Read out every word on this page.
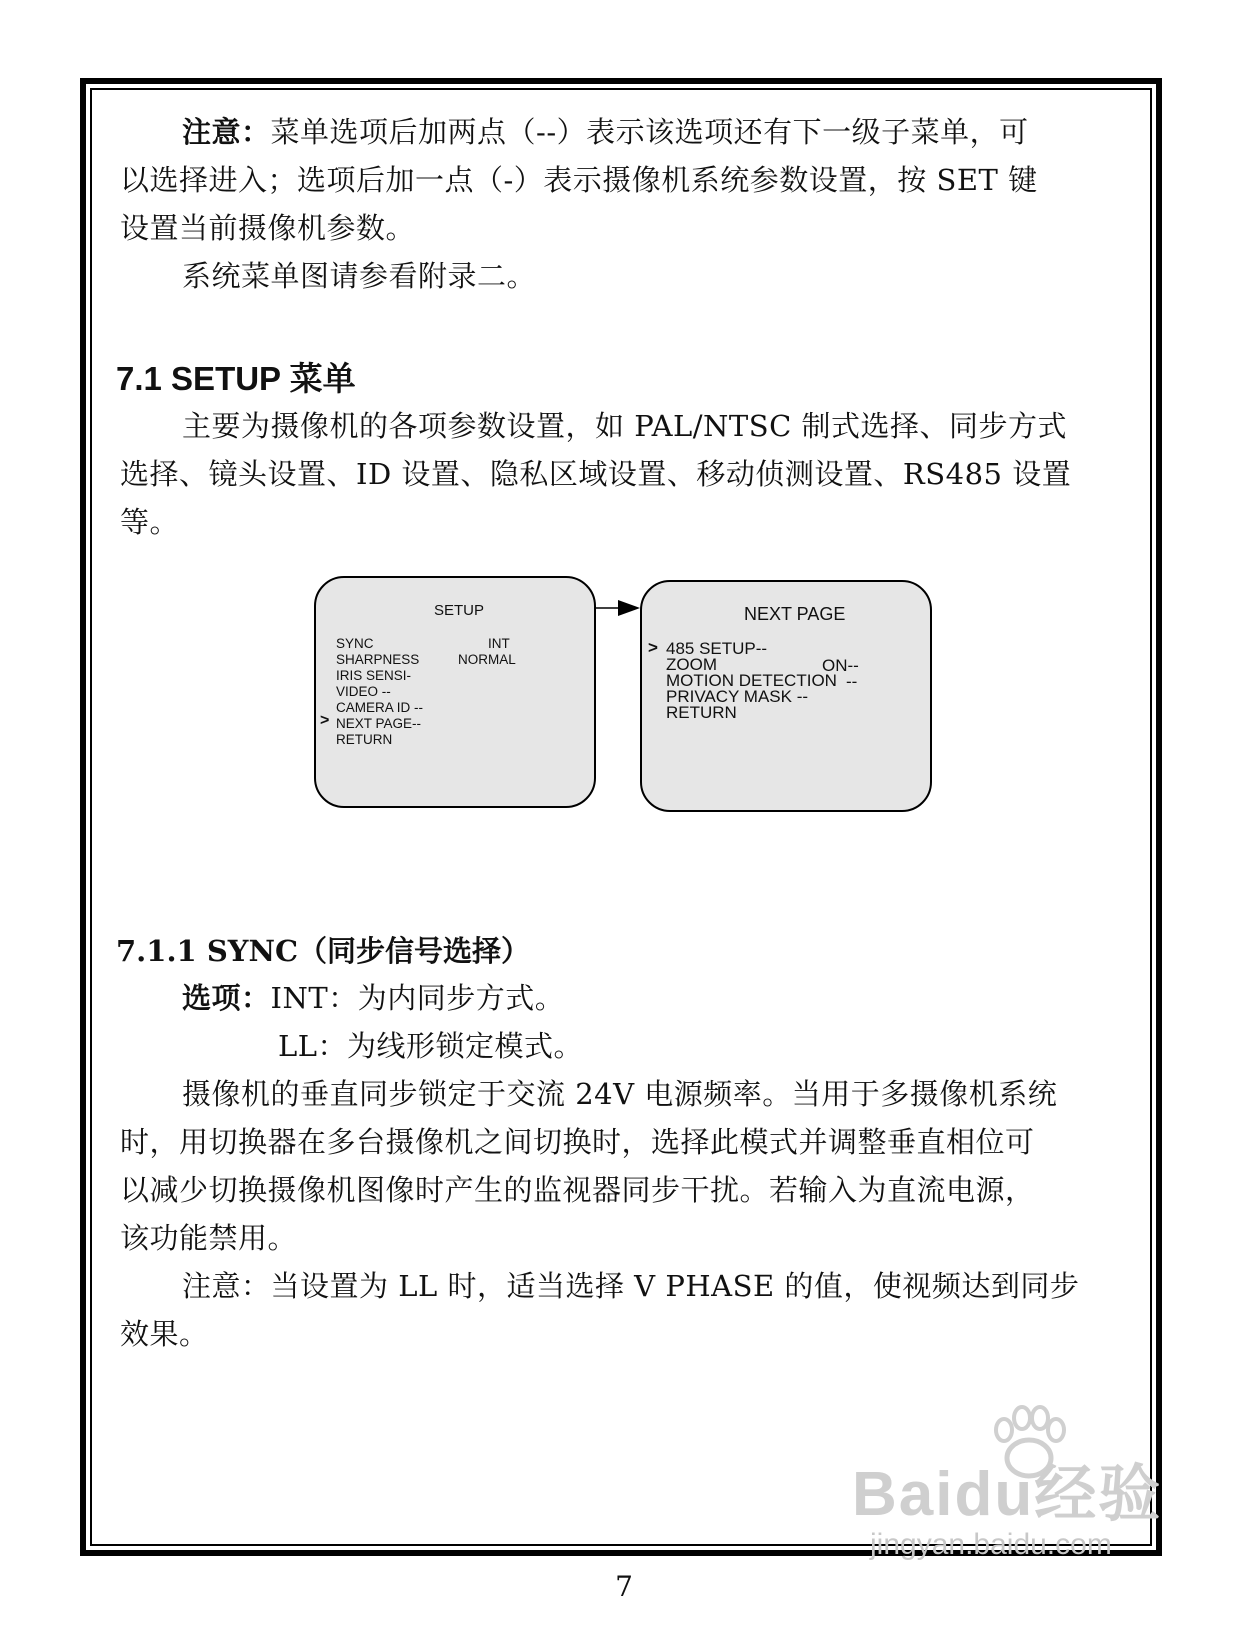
注意：菜单选项后加两点（--）表示该选项还有下一级子菜单，可

以选择进入；选项后加一点（-）表示摄像机系统参数设置，按 SET 键

设置当前摄像机参数。

系统菜单图请参看附录二。

7.1 SETUP 菜单

主要为摄像机的各项参数设置，如 PAL/NTSC 制式选择、同步方式

选择、镜头设置、ID 设置、隐私区域设置、移动侦测设置、RS485 设置

等。

SETUP
SYNC	INT
SHARPNESS	NORMAL
IRIS SENSI-
VIDEO --
CAMERA ID --
> NEXT PAGE--
RETURN
NEXT PAGE
> 485 SETUP--
ZOOM	ON--
MOTION DETECTION --
PRIVACY MASK --
RETURN
7.1.1 SYNC（同步信号选择）

选项：INT：为内同步方式。

LL：为线形锁定模式。

摄像机的垂直同步锁定于交流 24V 电源频率。当用于多摄像机系统

时，用切换器在多台摄像机之间切换时，选择此模式并调整垂直相位可

以减少切换摄像机图像时产生的监视器同步干扰。若输入为直流电源，

该功能禁用。

注意：当设置为 LL 时，适当选择 V PHASE 的值，使视频达到同步

效果。

7
Baidu经验
jingyan.baidu.com
